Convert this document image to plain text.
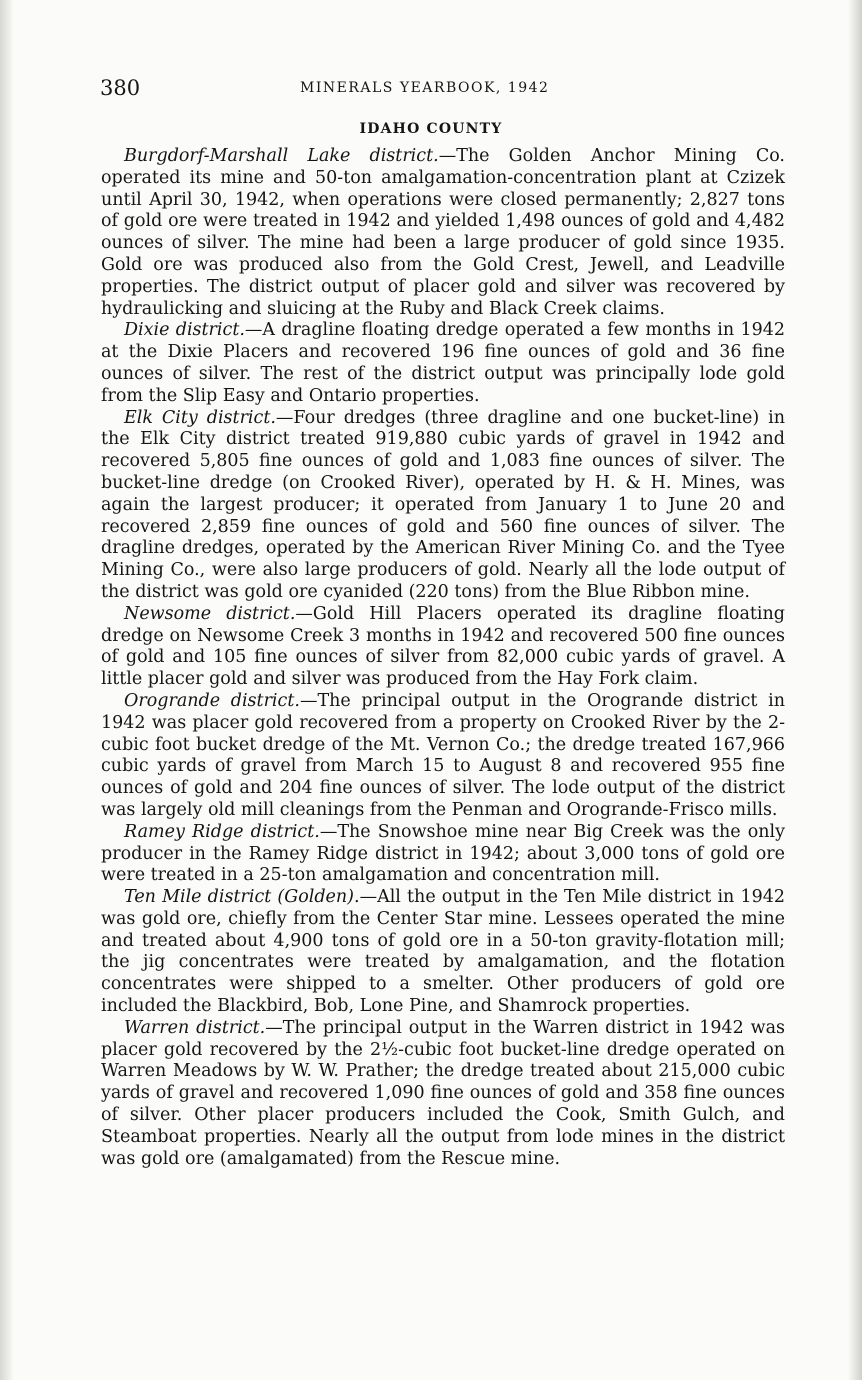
380	MINERALS YEARBOOK, 1942
IDAHO COUNTY

Burgdorf-Marshall Lake district.—The Golden Anchor Mining Co. operated its mine and 50-ton amalgamation-concentration plant at Czizek until April 30, 1942, when operations were closed permanently; 2,827 tons of gold ore were treated in 1942 and yielded 1,498 ounces of gold and 4,482 ounces of silver. The mine had been a large producer of gold since 1935. Gold ore was produced also from the Gold Crest, Jewell, and Leadville properties. The district output of placer gold and silver was recovered by hydraulicking and sluicing at the Ruby and Black Creek claims.

Dixie district.—A dragline floating dredge operated a few months in 1942 at the Dixie Placers and recovered 196 fine ounces of gold and 36 fine ounces of silver. The rest of the district output was principally lode gold from the Slip Easy and Ontario properties.

Elk City district.—Four dredges (three dragline and one bucket-line) in the Elk City district treated 919,880 cubic yards of gravel in 1942 and recovered 5,805 fine ounces of gold and 1,083 fine ounces of silver. The bucket-line dredge (on Crooked River), operated by H. & H. Mines, was again the largest producer; it operated from January 1 to June 20 and recovered 2,859 fine ounces of gold and 560 fine ounces of silver. The dragline dredges, operated by the American River Mining Co. and the Tyee Mining Co., were also large producers of gold. Nearly all the lode output of the district was gold ore cyanided (220 tons) from the Blue Ribbon mine.

Newsome district.—Gold Hill Placers operated its dragline floating dredge on Newsome Creek 3 months in 1942 and recovered 500 fine ounces of gold and 105 fine ounces of silver from 82,000 cubic yards of gravel. A little placer gold and silver was produced from the Hay Fork claim.

Orogrande district.—The principal output in the Orogrande district in 1942 was placer gold recovered from a property on Crooked River by the 2-cubic foot bucket dredge of the Mt. Vernon Co.; the dredge treated 167,966 cubic yards of gravel from March 15 to August 8 and recovered 955 fine ounces of gold and 204 fine ounces of silver. The lode output of the district was largely old mill cleanings from the Penman and Orogrande-Frisco mills.

Ramey Ridge district.—The Snowshoe mine near Big Creek was the only producer in the Ramey Ridge district in 1942; about 3,000 tons of gold ore were treated in a 25-ton amalgamation and concentration mill.

Ten Mile district (Golden).—All the output in the Ten Mile district in 1942 was gold ore, chiefly from the Center Star mine. Lessees operated the mine and treated about 4,900 tons of gold ore in a 50-ton gravity-flotation mill; the jig concentrates were treated by amalgamation, and the flotation concentrates were shipped to a smelter. Other producers of gold ore included the Blackbird, Bob, Lone Pine, and Shamrock properties.

Warren district.—The principal output in the Warren district in 1942 was placer gold recovered by the 2½-cubic foot bucket-line dredge operated on Warren Meadows by W. W. Prather; the dredge treated about 215,000 cubic yards of gravel and recovered 1,090 fine ounces of gold and 358 fine ounces of silver. Other placer producers included the Cook, Smith Gulch, and Steamboat properties. Nearly all the output from lode mines in the district was gold ore (amalgamated) from the Rescue mine.
